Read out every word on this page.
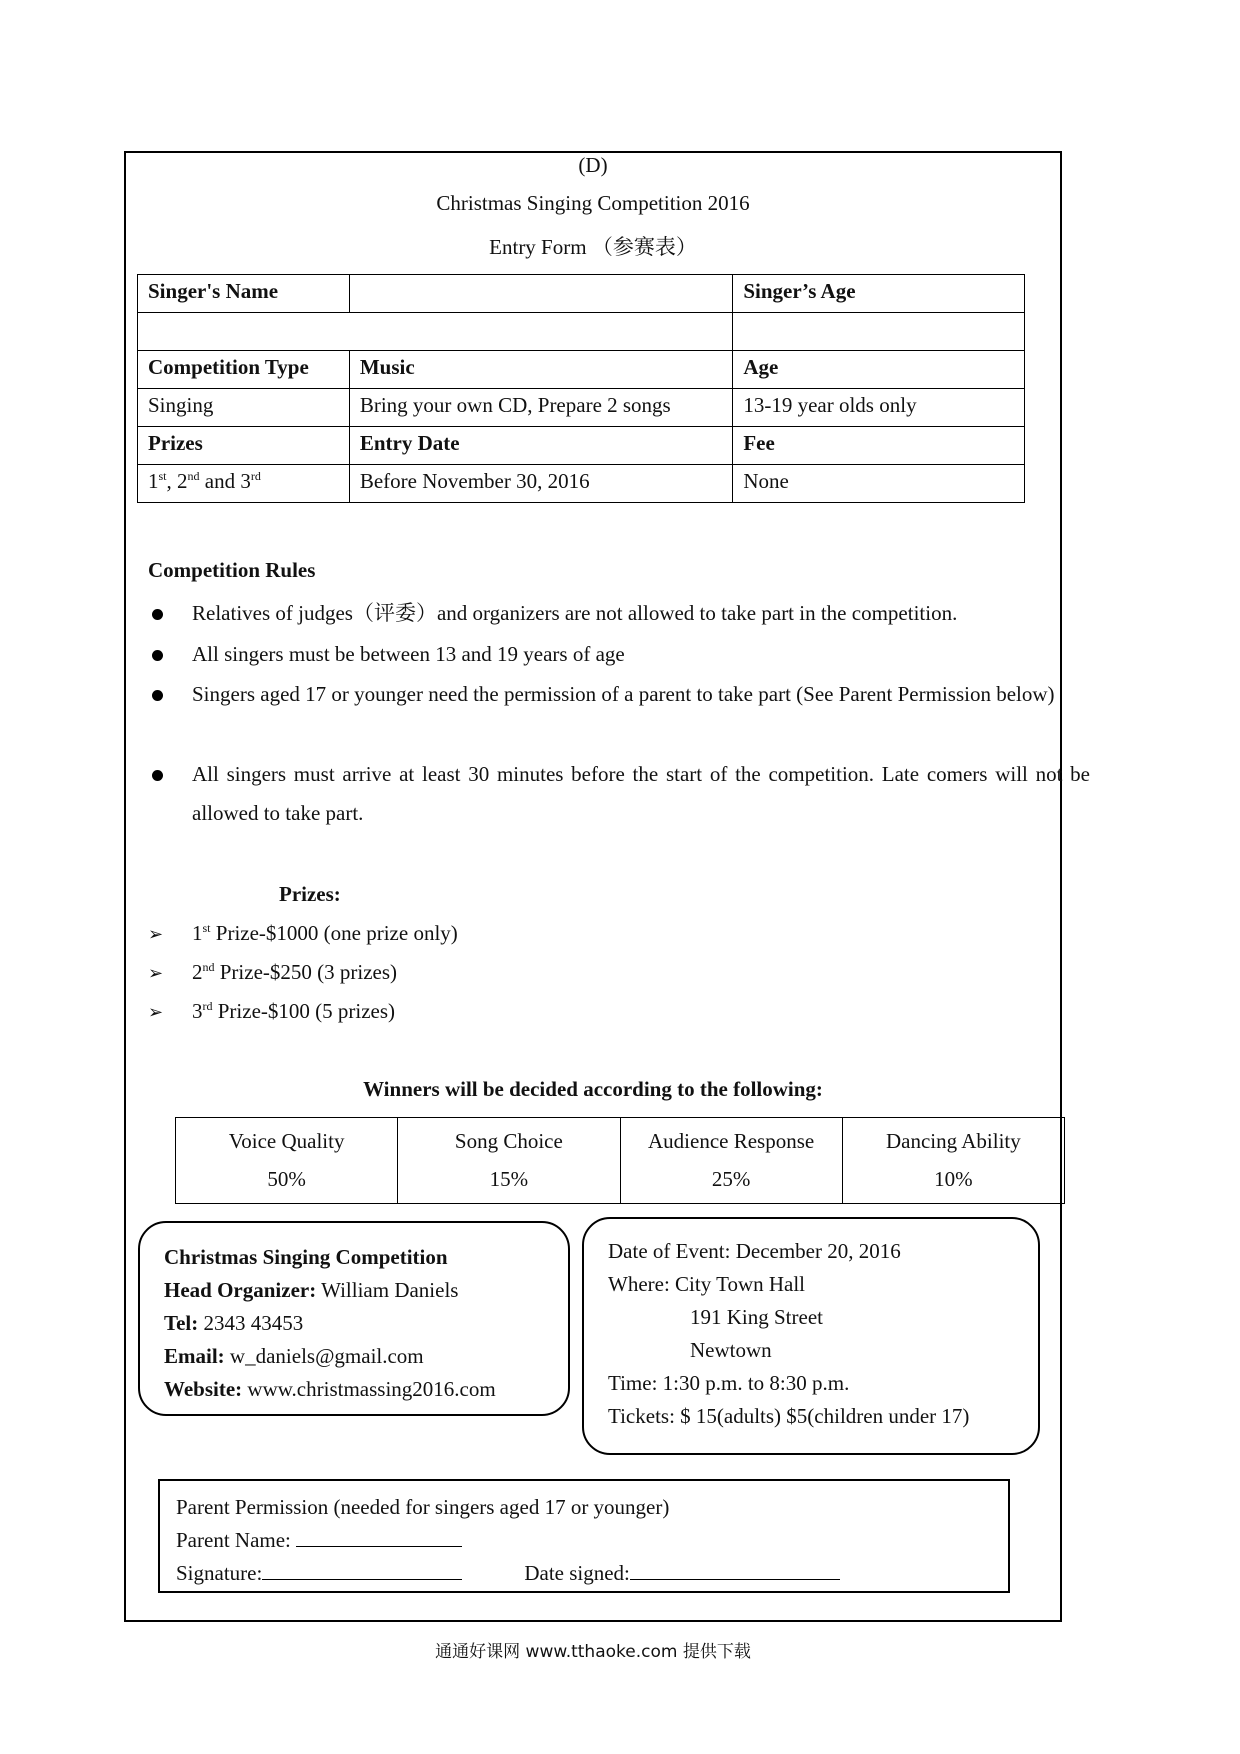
(D)
Christmas Singing Competition 2016
Entry Form （参赛表）
Singer's Name		Singer’s Age

Competition Type	Music	Age
Singing	Bring your own CD, Prepare 2 songs	13-19 year olds only
Prizes	Entry Date	Fee
1st, 2nd and 3rd	Before November 30, 2016	None
Competition Rules
Relatives of judges（评委）and organizers are not allowed to take part in the competition.
All singers must be between 13 and 19 years of age
Singers aged 17 or younger need the permission of a parent to take part (See Parent Permission below)
All singers must arrive at least 30 minutes before the start of the competition. Late comers will not be allowed to take part.
Prizes:
➢ 1st Prize-$1000 (one prize only)
➢ 2nd Prize-$250 (3 prizes)
➢ 3rd Prize-$100 (5 prizes)
Winners will be decided according to the following:
Voice Quality
50%

Song Choice
15%

Audience Response
25%

Dancing Ability
10%
Christmas Singing Competition
Head Organizer: William Daniels
Tel: 2343 43453
Email: w_daniels@gmail.com
Website: www.christmassing2016.com
Date of Event: December 20, 2016
Where: City Town Hall
191 King Street
Newtown
Time: 1:30 p.m. to 8:30 p.m.
Tickets: $ 15(adults) $5(children under 17)
Parent Permission (needed for singers aged 17 or younger)
Parent Name:
Signature:	Date signed:
通通好课网 www.tthaoke.com 提供下载
